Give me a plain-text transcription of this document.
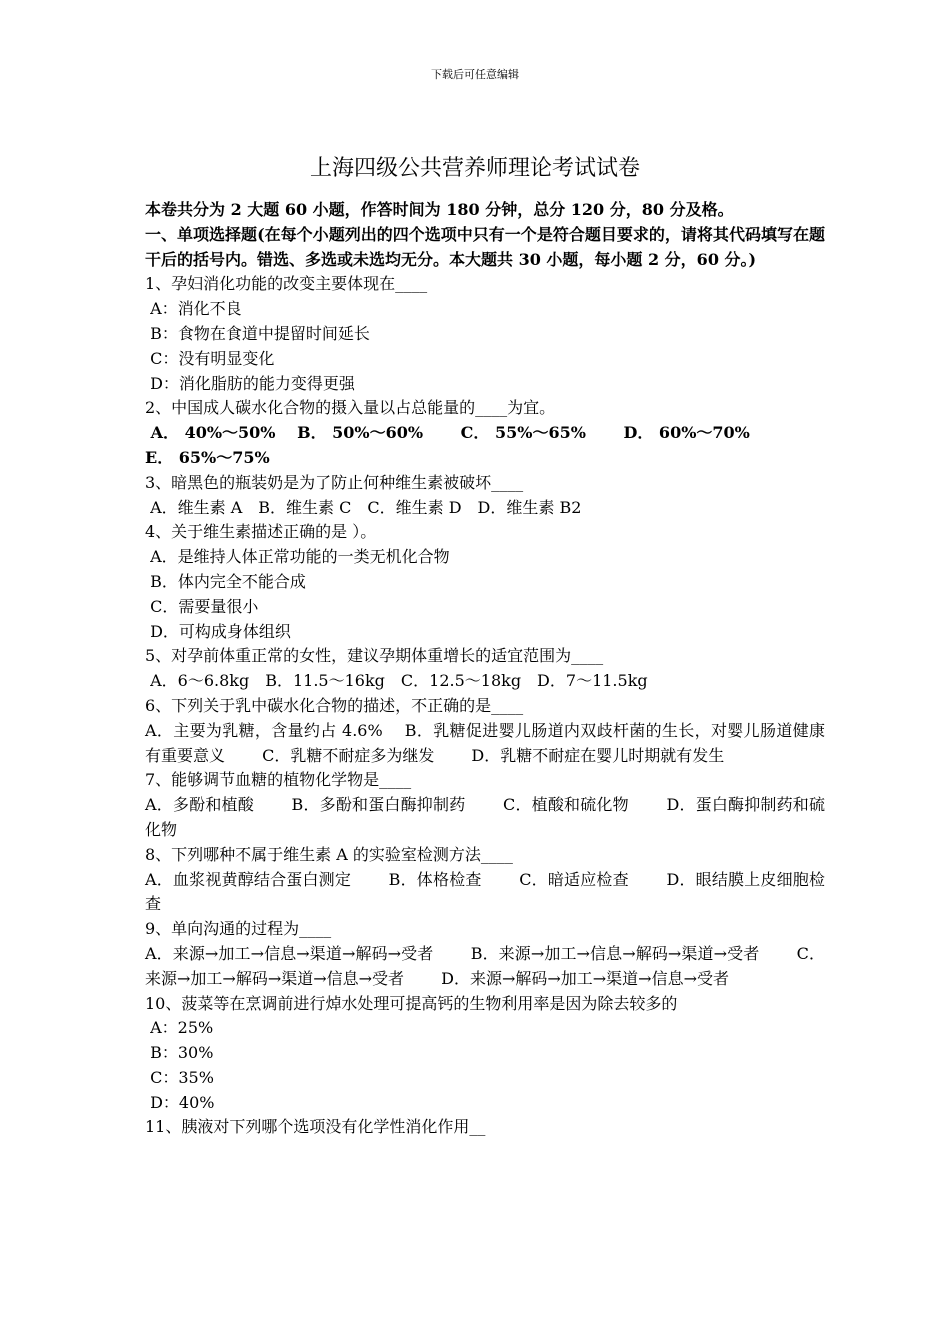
下载后可任意编辑
上海四级公共营养师理论考试试卷

本卷共分为 2 大题 60 小题，作答时间为 180 分钟，总分 120 分，80 分及格。

一、单项选择题(在每个小题列出的四个选项中只有一个是符合题目要求的，请将其代码填写在题干后的括号内。错选、多选或未选均无分。本大题共 30 小题，每小题 2 分，60 分。)

1、孕妇消化功能的改变主要体现在____

A：消化不良

B：食物在食道中提留时间延长

C：没有明显变化

D：消化脂肪的能力变得更强

2、中国成人碳水化合物的摄入量以占总能量的____为宜。

A． 40%～50%　 B． 50%～60%　　 C． 55%～65%　　 D． 60%～70%

E． 65%～75%

3、暗黑色的瓶装奶是为了防止何种维生素被破坏____

A．维生素 A　B．维生素 C　C．维生素 D　D．维生素 B2

4、关于维生素描述正确的是 ）。

A．是维持人体正常功能的一类无机化合物

B．体内完全不能合成

C．需要量很小

D．可构成身体组织

5、对孕前体重正常的女性，建议孕期体重增长的适宜范围为____

A．6～6.8kg　B．11.5～16kg　C．12.5～18kg　D．7～11.5kg

6、下列关于乳中碳水化合物的描述，不正确的是____

A．主要为乳糖，含量约占 4.6%　 B．乳糖促进婴儿肠道内双歧杆菌的生长，对婴儿肠道健康有重要意义　　 C．乳糖不耐症多为继发　　 D．乳糖不耐症在婴儿时期就有发生

7、能够调节血糖的植物化学物是____

A．多酚和植酸　　 B．多酚和蛋白酶抑制药　　 C．植酸和硫化物　　 D．蛋白酶抑制药和硫化物

8、下列哪种不属于维生素 A 的实验室检测方法____

A．血浆视黄醇结合蛋白测定　　 B．体格检查　　 C．暗适应检查　　 D．眼结膜上皮细胞检查

9、单向沟通的过程为____

A．来源→加工→信息→渠道→解码→受者　　 B．来源→加工→信息→解码→渠道→受者　　 C．来源→加工→解码→渠道→信息→受者　　 D．来源→解码→加工→渠道→信息→受者

10、菠菜等在烹调前进行焯水处理可提高钙的生物利用率是因为除去较多的

A：25%

B：30%

C：35%

D：40%

11、胰液对下列哪个选项没有化学性消化作用__
